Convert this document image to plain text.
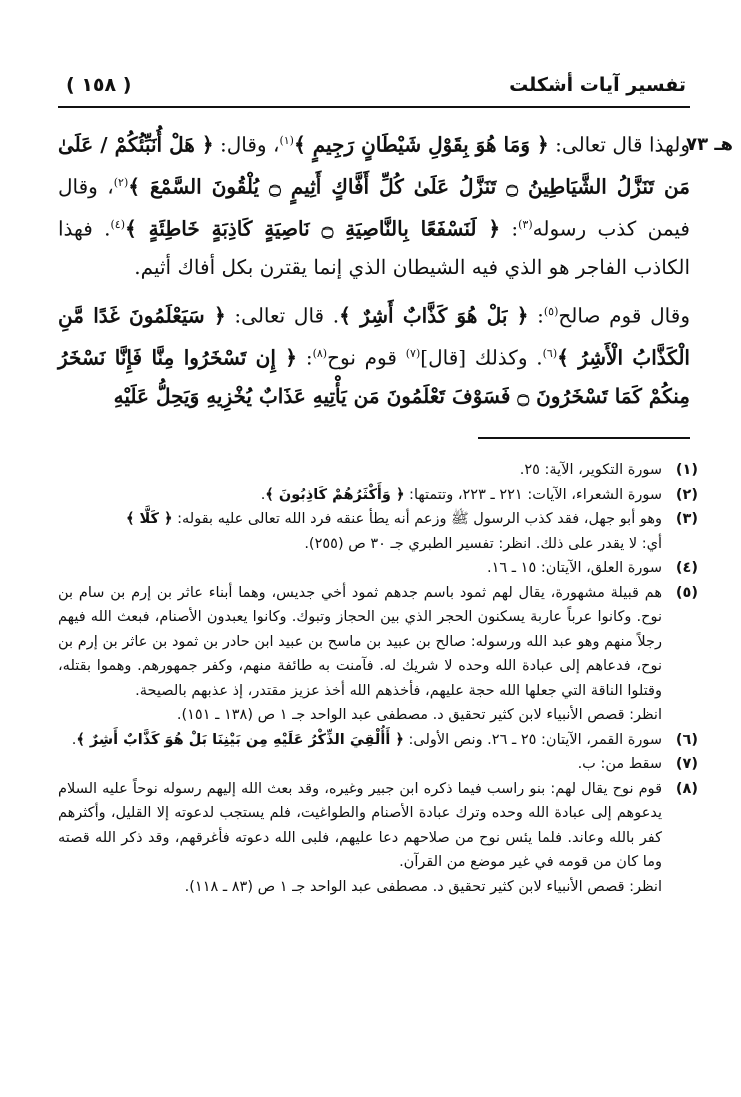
( ١٥٨ )	تفسير آيات أشكلت
هـ ٧٣

ولهذا قال تعالى: ﴿ وَمَا هُوَ بِقَوْلِ شَيْطَانٍ رَجِيمٍ ﴾$^{(١)}$، وقال: ﴿ هَلْ أُنَبِّئُكُمْ / عَلَىٰ مَن تَنَزَّلُ الشَّيَاطِينُ ۝ تَنَزَّلُ عَلَىٰ كُلِّ أَفَّاكٍ أَثِيمٍ ۝ يُلْقُونَ السَّمْعَ ﴾$^{(٢)}$، وقال فيمن كذب رسوله$^{(٣)}$: ﴿ لَنَسْفَعًا بِالنَّاصِيَةِ ۝ نَاصِيَةٍ كَاذِبَةٍ خَاطِئَةٍ ﴾$^{(٤)}$. فهذا الكاذب الفاجر هو الذي فيه الشيطان الذي إنما يقترن بكل أفاك أثيم.

وقال قوم صالح$^{(٥)}$: ﴿ بَلْ هُوَ كَذَّابٌ أَشِرٌ ﴾. قال تعالى: ﴿ سَيَعْلَمُونَ غَدًا مَّنِ الْكَذَّابُ الْأَشِرُ ﴾$^{(٦)}$. وكذلك [قال]$^{(٧)}$ قوم نوح$^{(٨)}$: ﴿ إِن تَسْخَرُوا مِنَّا فَإِنَّا نَسْخَرُ مِنكُمْ كَمَا تَسْخَرُونَ ۝ فَسَوْفَ تَعْلَمُونَ مَن يَأْتِيهِ عَذَابٌ يُخْزِيهِ وَيَحِلُّ عَلَيْهِ

(١)
سورة التكوير، الآية: ٢٥.
(٢)
سورة الشعراء، الآيات: ٢٢١ ـ ٢٢٣، وتتمتها: ﴿ وَأَكْثَرُهُمْ كَاذِبُونَ ﴾.
(٣)
وهو أبو جهل، فقد كذب الرسول ﷺ وزعم أنه يطأ عنقه فرد الله تعالى عليه بقوله: ﴿ كَلَّا ﴾
أي: لا يقدر على ذلك. انظر: تفسير الطبري جـ ٣٠ ص (٢٥٥).
(٤)
سورة العلق، الآيتان: ١٥ ـ ١٦.
(٥)
هم قبيلة مشهورة، يقال لهم ثمود باسم جدهم ثمود أخي جديس، وهما أبناء عاثر بن إرم بن سام بن نوح. وكانوا عرباً عاربة يسكنون الحجر الذي بين الحجاز وتبوك. وكانوا يعبدون الأصنام، فبعث الله فيهم رجلاً منهم وهو عبد الله ورسوله: صالح بن عبيد بن ماسح بن عبيد ابن حادر بن ثمود بن عاثر بن إرم بن نوح، فدعاهم إلى عبادة الله وحده لا شريك له. فآمنت به طائفة منهم، وكفر جمهورهم. وهموا بقتله، وقتلوا الناقة التي جعلها الله حجة عليهم، فأخذهم الله أخذ عزيز مقتدر، إذ عذبهم بالصيحة.
انظر: قصص الأنبياء لابن كثير تحقيق د. مصطفى عبد الواحد جـ ١ ص (١٣٨ ـ ١٥١).
(٦)
سورة القمر، الآيتان: ٢٥ ـ ٢٦. ونص الأولى: ﴿ أَأُلْقِيَ الذِّكْرُ عَلَيْهِ مِن بَيْنِنَا بَلْ هُوَ كَذَّابٌ أَشِرٌ ﴾.
(٧)
سقط من: ب.
(٨)
قوم نوح يقال لهم: بنو راسب فيما ذكره ابن جبير وغيره، وقد بعث الله إليهم رسوله نوحاً عليه السلام يدعوهم إلى عبادة الله وحده وترك عبادة الأصنام والطواغيت، فلم يستجب لدعوته إلا القليل، وأكثرهم كفر بالله وعاند. فلما يئس نوح من صلاحهم دعا عليهم، فلبى الله دعوته فأغرقهم، وقد ذكر الله قصته وما كان من قومه في غير موضع من القرآن.
انظر: قصص الأنبياء لابن كثير تحقيق د. مصطفى عبد الواحد جـ ١ ص (٨٣ ـ ١١٨).
